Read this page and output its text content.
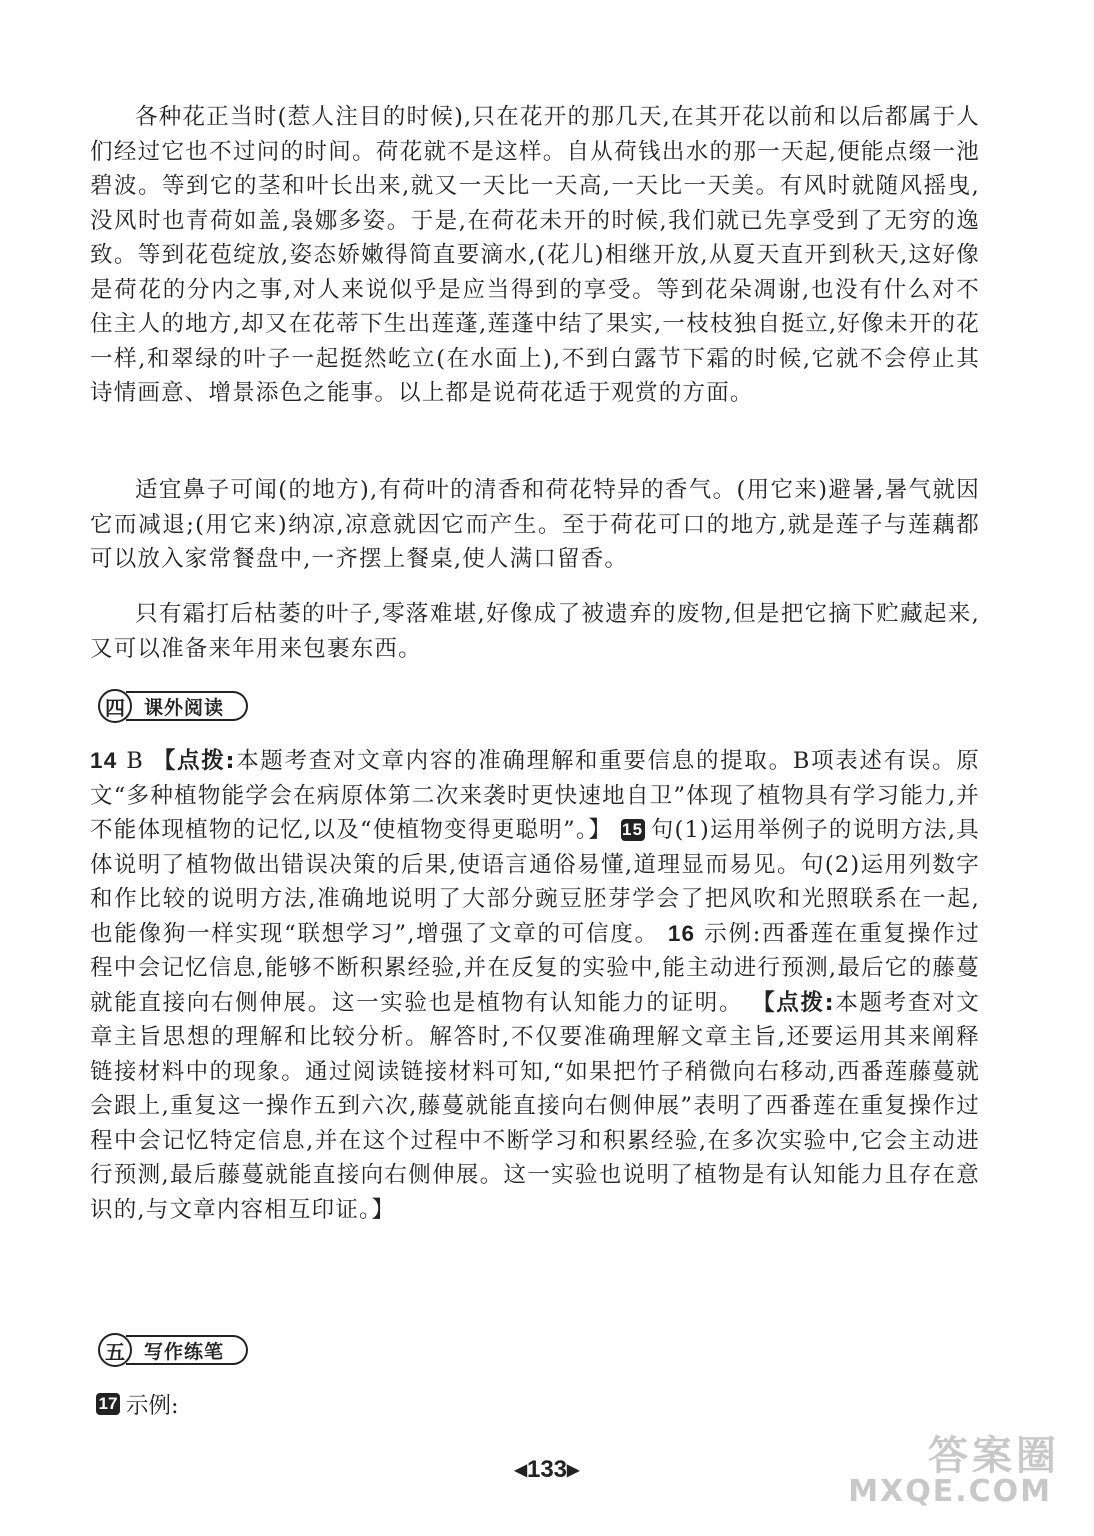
各种花正当时(惹人注目的时候),只在花开的那几天,在其开花以前和以后都属于人们经过它也不过问的时间。荷花就不是这样。自从荷钱出水的那一天起,便能点缀一池碧波。等到它的茎和叶长出来,就又一天比一天高,一天比一天美。有风时就随风摇曳,没风时也青荷如盖,袅娜多姿。于是,在荷花未开的时候,我们就已先享受到了无穷的逸致。等到花苞绽放,姿态娇嫩得简直要滴水,(花儿)相继开放,从夏天直开到秋天,这好像是荷花的分内之事,对人来说似乎是应当得到的享受。等到花朵凋谢,也没有什么对不住主人的地方,却又在花蒂下生出莲蓬,莲蓬中结了果实,一枝枝独自挺立,好像未开的花一样,和翠绿的叶子一起挺然屹立(在水面上),不到白露节下霜的时候,它就不会停止其诗情画意、增景添色之能事。以上都是说荷花适于观赏的方面。

适宜鼻子可闻(的地方),有荷叶的清香和荷花特异的香气。(用它来)避暑,暑气就因它而减退;(用它来)纳凉,凉意就因它而产生。至于荷花可口的地方,就是莲子与莲藕都可以放入家常餐盘中,一齐摆上餐桌,使人满口留香。

只有霜打后枯萎的叶子,零落难堪,好像成了被遗弃的废物,但是把它摘下贮藏起来,又可以准备来年用来包裹东西。

四	课外阅读

14 B 【点拨:本题考查对文章内容的准确理解和重要信息的提取。B项表述有误。原文“多种植物能学会在病原体第二次来袭时更快速地自卫”体现了植物具有学习能力,并不能体现植物的记忆,以及“使植物变得更聪明”。】 15 句(1)运用举例子的说明方法,具体说明了植物做出错误决策的后果,使语言通俗易懂,道理显而易见。句(2)运用列数字和作比较的说明方法,准确地说明了大部分豌豆胚芽学会了把风吹和光照联系在一起,也能像狗一样实现“联想学习”,增强了文章的可信度。 16 示例:西番莲在重复操作过程中会记忆信息,能够不断积累经验,并在反复的实验中,能主动进行预测,最后它的藤蔓就能直接向右侧伸展。这一实验也是植物有认知能力的证明。 【点拨:本题考查对文章主旨思想的理解和比较分析。解答时,不仅要准确理解文章主旨,还要运用其来阐释链接材料中的现象。通过阅读链接材料可知,“如果把竹子稍微向右移动,西番莲藤蔓就会跟上,重复这一操作五到六次,藤蔓就能直接向右侧伸展”表明了西番莲在重复操作过程中会记忆特定信息,并在这个过程中不断学习和积累经验,在多次实验中,它会主动进行预测,最后藤蔓就能直接向右侧伸展。这一实验也说明了植物是有认知能力且存在意识的,与文章内容相互印证。】

五	写作练笔
17 示例:
◀133▶	答案圈
MXQE.COM
